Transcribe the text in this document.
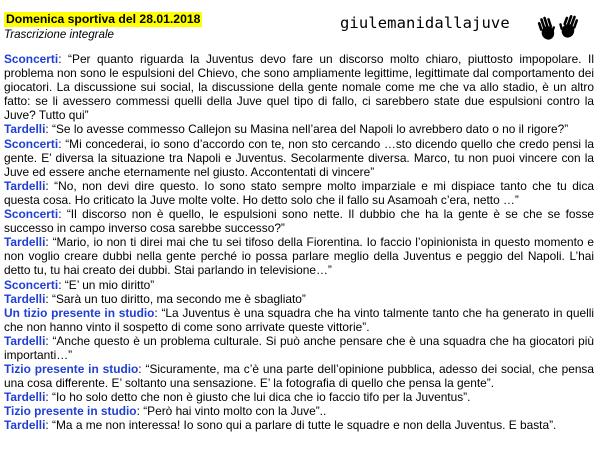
Domenica sportiva del 28.01.2018
Trascrizione integrale
giulemanidallajuve

Sconcerti: “Per quanto riguarda la Juventus devo fare un discorso molto chiaro, piuttosto impopolare. Il problema non sono le espulsioni del Chievo, che sono ampliamente legittime, legittimate dal comportamento dei giocatori. La discussione sui social, la discussione della gente nomale come me che va allo stadio, è un altro fatto: se li avessero commessi quelli della Juve quel tipo di fallo, ci sarebbero state due espulsioni contro la Juve? Tutto qui”

Tardelli: “Se lo avesse commesso Callejon su Masina nell’area del Napoli lo avrebbero dato o no il rigore?”

Sconcerti: “Mi concederai, io sono d’accordo con te, non sto cercando …sto dicendo quello che credo pensi la gente. E’ diversa la situazione tra Napoli e Juventus. Secolarmente diversa. Marco, tu non puoi vincere con la Juve ed essere anche eternamente nel giusto. Accontentati di vincere”

Tardelli: “No, non devi dire questo. Io sono stato sempre molto imparziale e mi dispiace tanto che tu dica questa cosa. Ho criticato la Juve molte volte. Ho detto solo che il fallo su Asamoah c’era, netto …”

Sconcerti: “Il discorso non è quello, le espulsioni sono nette. Il dubbio che ha la gente è se che se fosse successo in campo inverso cosa sarebbe successo?”

Tardelli: “Mario, io non ti direi mai che tu sei tifoso della Fiorentina. Io faccio l’opinionista in questo momento e non voglio creare dubbi nella gente perché io possa parlare meglio della Juventus e peggio del Napoli. L’hai detto tu, tu hai creato dei dubbi. Stai parlando in televisione…”

Sconcerti: “E’ un mio diritto”

Tardelli: “Sarà un tuo diritto, ma secondo me è sbagliato”

Un tizio presente in studio: “La Juventus è una squadra che ha vinto talmente tanto che ha generato in quelli che non hanno vinto il sospetto di come sono arrivate queste vittorie”.

Tardelli: “Anche questo è un problema culturale. Si può anche pensare che è una squadra che ha giocatori più importanti…”

Tizio presente in studio: “Sicuramente, ma c’è una parte dell’opinione pubblica, adesso dei social, che pensa una cosa differente. E’ soltanto una sensazione. E’ la fotografia di quello che pensa la gente”.

Tardelli: “Io ho solo detto che non è giusto che lui dica che io faccio tifo per la Juventus”.

Tizio presente in studio: “Però hai vinto molto con la Juve”..

Tardelli: “Ma a me non interessa! Io sono qui a parlare di tutte le squadre e non della Juventus. E basta”.
